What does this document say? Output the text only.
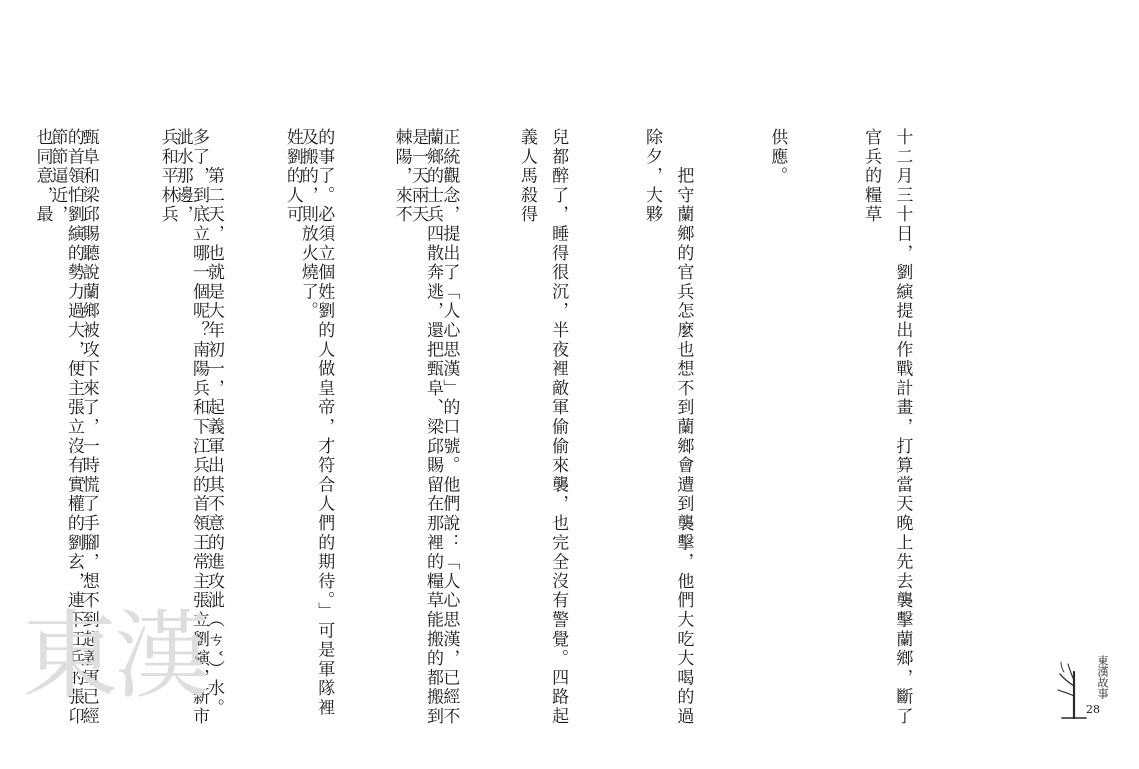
十二月三十日，劉縯提出作戰計畫，打算當天晚上先去襲擊蘭鄉，斷了官兵的糧草

供應。

　　把守蘭鄉的官兵怎麼也想不到蘭鄉會遭到襲擊，他們大吃大喝的過除夕，大夥

兒都醉了，睡得很沉，半夜裡敵軍偷偷來襲，也完全沒有警覺。四路起義人馬殺得

蘭鄉的士兵四散奔逃，還把甄阜、梁邱賜留在那裡的糧草能搬的都搬到棘陽，來不

及搬的，則放火燒了。

　　第二天，也就是大年初一，起義軍出其不意的進攻泚（ㄘˇ）水。泚水那邊，

甄阜和梁邱賜聽說蘭鄉被攻下來了，一時慌了手腳，想不到起義軍已經節節逼近，

	正統觀念，提出了「人心思漢」的口號。他們說：「人心思漢，已經不是一天兩天

的事了。必須立個姓劉的人做皇帝，才符合人們的期待。」可是軍隊裡姓劉的人可

多了，到底立哪一個呢？南陽兵和下江兵的首領王常主張立劉縯，新市兵和平林兵

的首領怕劉縯的勢力過大，便主張立沒有實權的劉玄，連下江兵的張卬也同意，最

東漢	東漢故事
28
